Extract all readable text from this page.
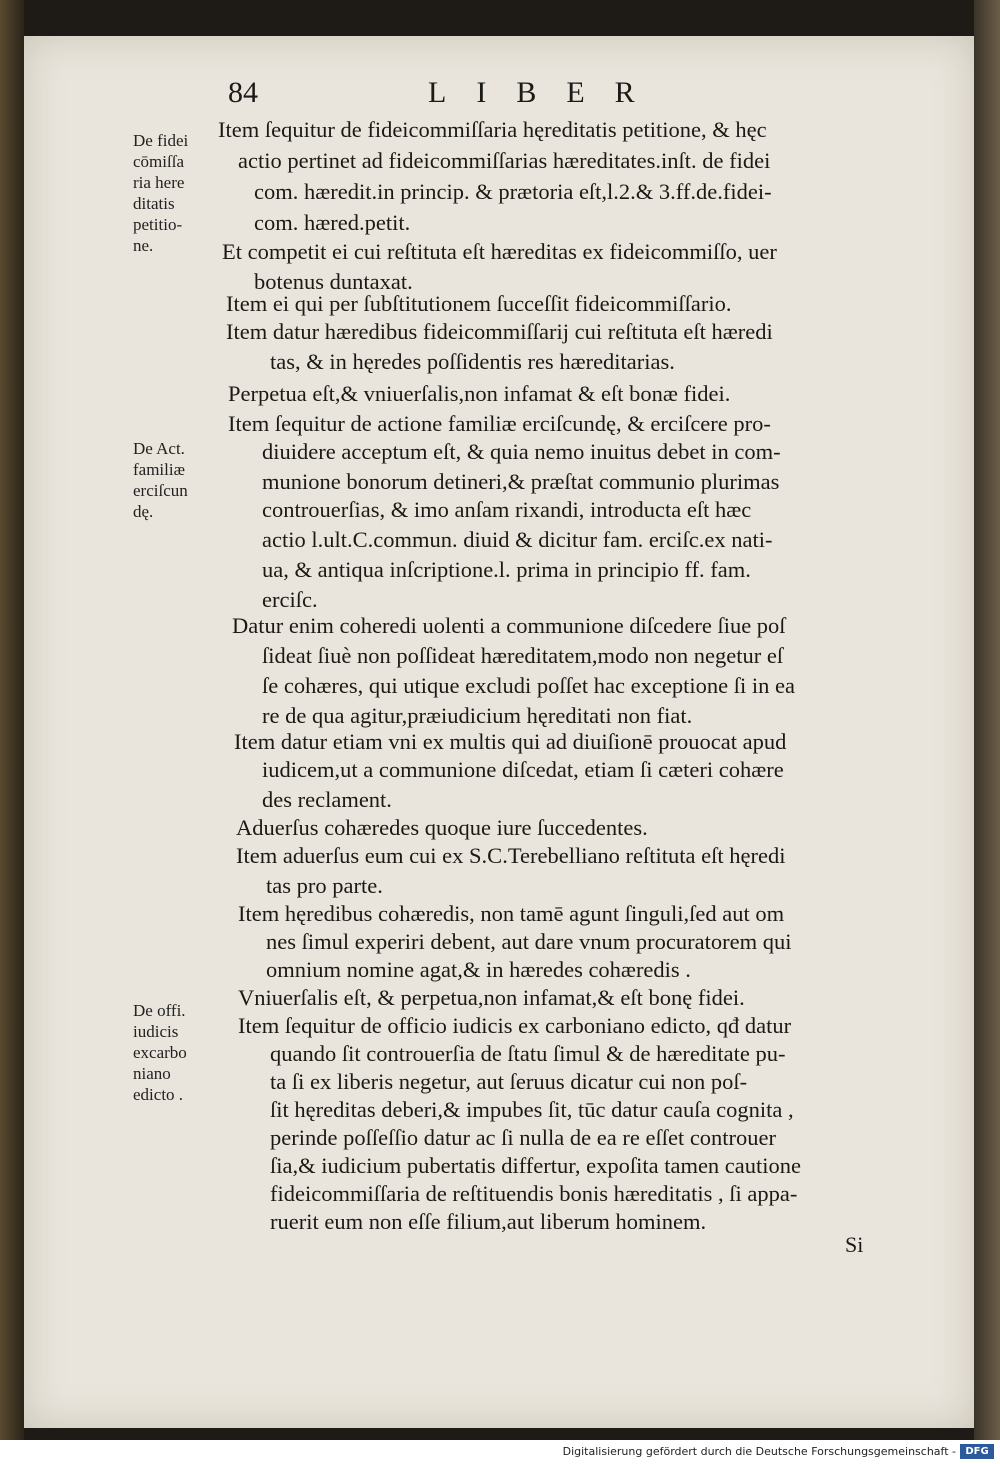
84	LIBER
De fidei
cōmiſſa
ria here
ditatis
petitio-
ne.
De Act.
familiæ
erciſcun
dę.
De offi.
iudicis
excarbo
niano
edicto .
Item ſequitur de fideicommiſſaria hęreditatis petitione, & hęc
actio pertinet ad fideicommiſſarias hæreditates.inſt. de fidei
com. hæredit.in princip. & prætoria eſt,l.2.& 3.ff.de.fidei-
com. hæred.petit.
Et competit ei cui reſtituta eſt hæreditas ex fideicommiſſo, uer
botenus duntaxat.
Item ei qui per ſubſtitutionem ſucceſſit fideicommiſſario.
Item datur hæredibus fideicommiſſarij cui reſtituta eſt hæredi
tas, & in hęredes poſſidentis res hæreditarias.
Perpetua eſt,& vniuerſalis,non infamat & eſt bonæ fidei.
Item ſequitur de actione familiæ erciſcundę, & erciſcere pro-
diuidere acceptum eſt, & quia nemo inuitus debet in com-
munione bonorum detineri,& præſtat communio plurimas
controuerſias, & imo anſam rixandi, introducta eſt hæc
actio l.ult.C.commun. diuid & dicitur fam. erciſc.ex nati-
ua, & antiqua inſcriptione.l. prima in principio ff. fam.
erciſc.
Datur enim coheredi uolenti a communione diſcedere ſiue poſ
ſideat ſiuè non poſſideat hæreditatem,modo non negetur eſ
ſe cohæres, qui utique excludi poſſet hac exceptione ſi in ea
re de qua agitur,præiudicium hęreditati non fiat.
Item datur etiam vni ex multis qui ad diuiſionē prouocat apud
iudicem,ut a communione diſcedat, etiam ſi cæteri cohære
des reclament.
Aduerſus cohæredes quoque iure ſuccedentes.
Item aduerſus eum cui ex S.C.Terebelliano reſtituta eſt hęredi
tas pro parte.
Item hęredibus cohæredis, non tamē agunt ſinguli,ſed aut om
nes ſimul experiri debent, aut dare vnum procuratorem qui
omnium nomine agat,& in hæredes cohæredis .
Vniuerſalis eſt, & perpetua,non infamat,& eſt bonę fidei.
Item ſequitur de officio iudicis ex carboniano edicto, qđ datur
quando ſit controuerſia de ſtatu ſimul & de hæreditate pu-
ta ſi ex liberis negetur, aut ſeruus dicatur cui non poſ-
ſit hęreditas deberi,& impubes ſit, tūc datur cauſa cognita ,
perinde poſſeſſio datur ac ſi nulla de ea re eſſet controuer
ſia,& iudicium pubertatis differtur, expoſita tamen cautione
fideicommiſſaria de reſtituendis bonis hæreditatis , ſi appa-
ruerit eum non eſſe filium,aut liberum hominem.
Si
Digitalisierung gefördert durch die Deutsche Forschungsgemeinschaft - DFG
